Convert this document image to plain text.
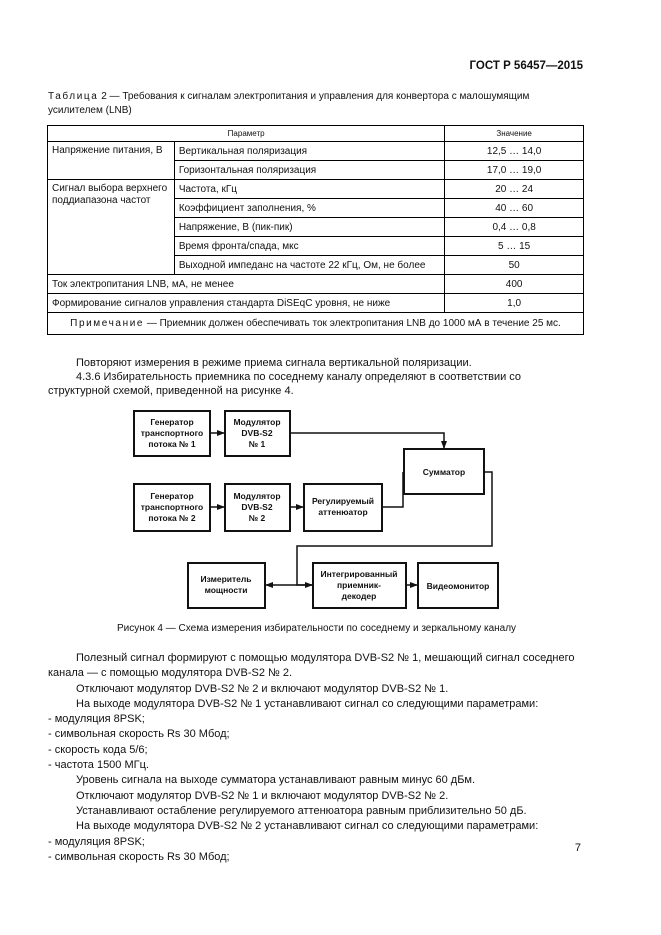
ГОСТ Р 56457—2015
Таблица 2 — Требования к сигналам электропитания и управления для конвертора с малошумящим усилителем (LNB)
Параметр		Значение
Напряжение питания, В	Вертикальная поляризация	12,5 … 14,0
	Горизонтальная поляризация	17,0 … 19,0
Сигнал выбора верхнего поддиапазона частот	Частота, кГц	20 … 24
	Коэффициент заполнения, %	40 … 60
	Напряжение, В (пик-пик)	0,4 … 0,8
	Время фронта/спада, мкс	5 … 15
	Выходной импеданс на частоте 22 кГц, Ом, не более	50
Ток электропитания LNB, мА, не менее		400
Формирование сигналов управления стандарта DiSEqC уровня, не ниже		1,0
Примечание — Приемник должен обеспечивать ток электропитания LNB до 1000 мА в течение 25 мс.		
Повторяют измерения в режиме приема сигнала вертикальной поляризации.
4.3.6 Избирательность приемника по соседнему каналу определяют в соответствии со структурной схемой, приведенной на рисунке 4.
Генератор
транспортного
потока № 1
Модулятор
DVB-S2
№ 1
Генератор
транспортного
потока № 2
Модулятор
DVB-S2
№ 2
Регулируемый
аттенюатор
Сумматор
Измеритель
мощности
Интегрированный
приемник-
декодер
Видеомонитор
Рисунок 4 — Схема измерения избирательности по соседнему и зеркальному каналу

Полезный сигнал формируют с помощью модулятора DVB-S2 № 1, мешающий сигнал соседнего канала — с помощью модулятора DVB-S2 № 2.

Отключают модулятор DVB-S2 № 2 и включают модулятор DVB-S2 № 1.

На выходе модулятора DVB-S2 № 1 устанавливают сигнал со следующими параметрами:

- модуляция 8PSK;

- символьная скорость Rs 30 Мбод;

- скорость кода 5/6;

- частота 1500 МГц.

Уровень сигнала на выходе сумматора устанавливают равным минус 60 дБм.

Отключают модулятор DVB-S2 № 1 и включают модулятор DVB-S2 № 2.

Устанавливают остабление регулируемого аттенюатора равным приблизительно 50 дБ.

На выходе модулятора DVB-S2 № 2 устанавливают сигнал со следующими параметрами:

- модуляция 8PSK;

- символьная скорость Rs 30 Мбод;

7
